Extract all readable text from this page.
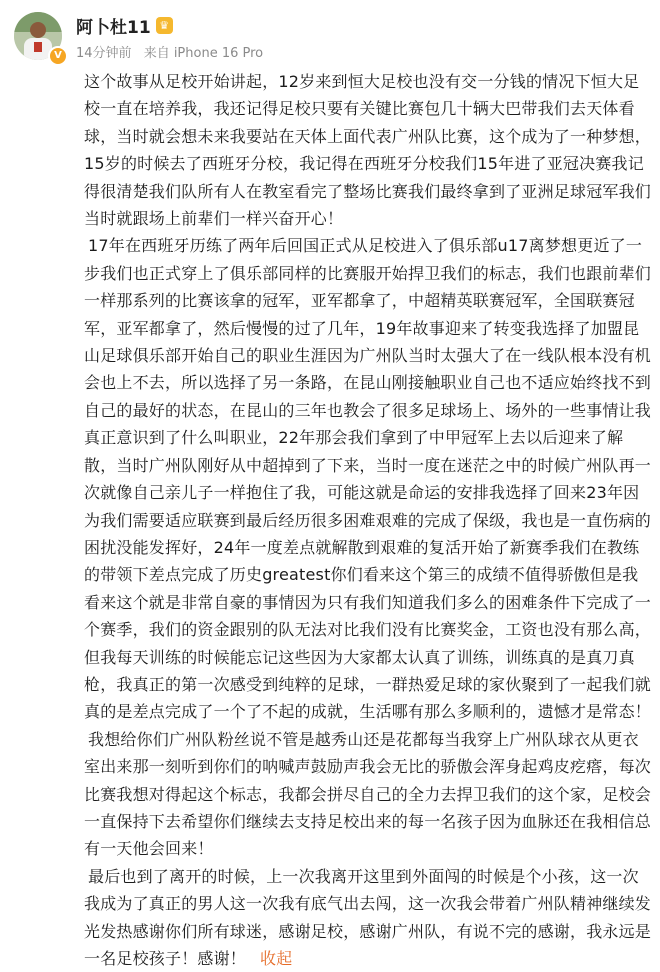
V
阿卜杜11 ♛
14分钟前 来自 iPhone 16 Pro

这个故事从足校开始讲起，12岁来到恒大足校也没有交一分钱的情况下恒大足校一直在培养我，我还记得足校只要有关键比赛包几十辆大巴带我们去天体看球，当时就会想未来我要站在天体上面代表广州队比赛，这个成为了一种梦想，15岁的时候去了西班牙分校，我记得在西班牙分校我们15年进了亚冠决赛我记得很清楚我们队所有人在教室看完了整场比赛我们最终拿到了亚洲足球冠军我们当时就跟场上前辈们一样兴奋开心！

17年在西班牙历练了两年后回国正式从足校进入了俱乐部u17离梦想更近了一步我们也正式穿上了俱乐部同样的比赛服开始捍卫我们的标志，我们也跟前辈们一样那系列的比赛该拿的冠军，亚军都拿了，中超精英联赛冠军，全国联赛冠军，亚军都拿了，然后慢慢的过了几年，19年故事迎来了转变我选择了加盟昆山足球俱乐部开始自己的职业生涯因为广州队当时太强大了在一线队根本没有机会也上不去，所以选择了另一条路，在昆山刚接触职业自己也不适应始终找不到自己的最好的状态，在昆山的三年也教会了很多足球场上、场外的一些事情让我真正意识到了什么叫职业，22年那会我们拿到了中甲冠军上去以后迎来了解散，当时广州队刚好从中超掉到了下来，当时一度在迷茫之中的时候广州队再一次就像自己亲儿子一样抱住了我，可能这就是命运的安排我选择了回来23年因为我们需要适应联赛到最后经历很多困难艰难的完成了保级，我也是一直伤病的困扰没能发挥好，24年一度差点就解散到艰难的复活开始了新赛季我们在教练的带领下差点完成了历史greatest你们看来这个第三的成绩不值得骄傲但是我看来这个就是非常自豪的事情因为只有我们知道我们多么的困难条件下完成了一个赛季，我们的资金跟别的队无法对比我们没有比赛奖金，工资也没有那么高，但我每天训练的时候能忘记这些因为大家都太认真了训练，训练真的是真刀真枪，我真正的第一次感受到纯粹的足球，一群热爱足球的家伙聚到了一起我们就真的是差点完成了一个了不起的成就，生活哪有那么多顺利的，遗憾才是常态！

我想给你们广州队粉丝说不管是越秀山还是花都每当我穿上广州队球衣从更衣室出来那一刻听到你们的呐喊声鼓励声我会无比的骄傲会浑身起鸡皮疙瘩，每次比赛我想对得起这个标志，我都会拼尽自己的全力去捍卫我们的这个家，足校会一直保持下去希望你们继续去支持足校出来的每一名孩子因为血脉还在我相信总有一天他会回来！

最后也到了离开的时候，上一次我离开这里到外面闯的时候是个小孩，这一次我成为了真正的男人这一次我有底气出去闯，这一次我会带着广州队精神继续发光发热感谢你们所有球迷，感谢足校，感谢广州队，有说不完的感谢，我永远是一名足校孩子！感谢！ 收起
